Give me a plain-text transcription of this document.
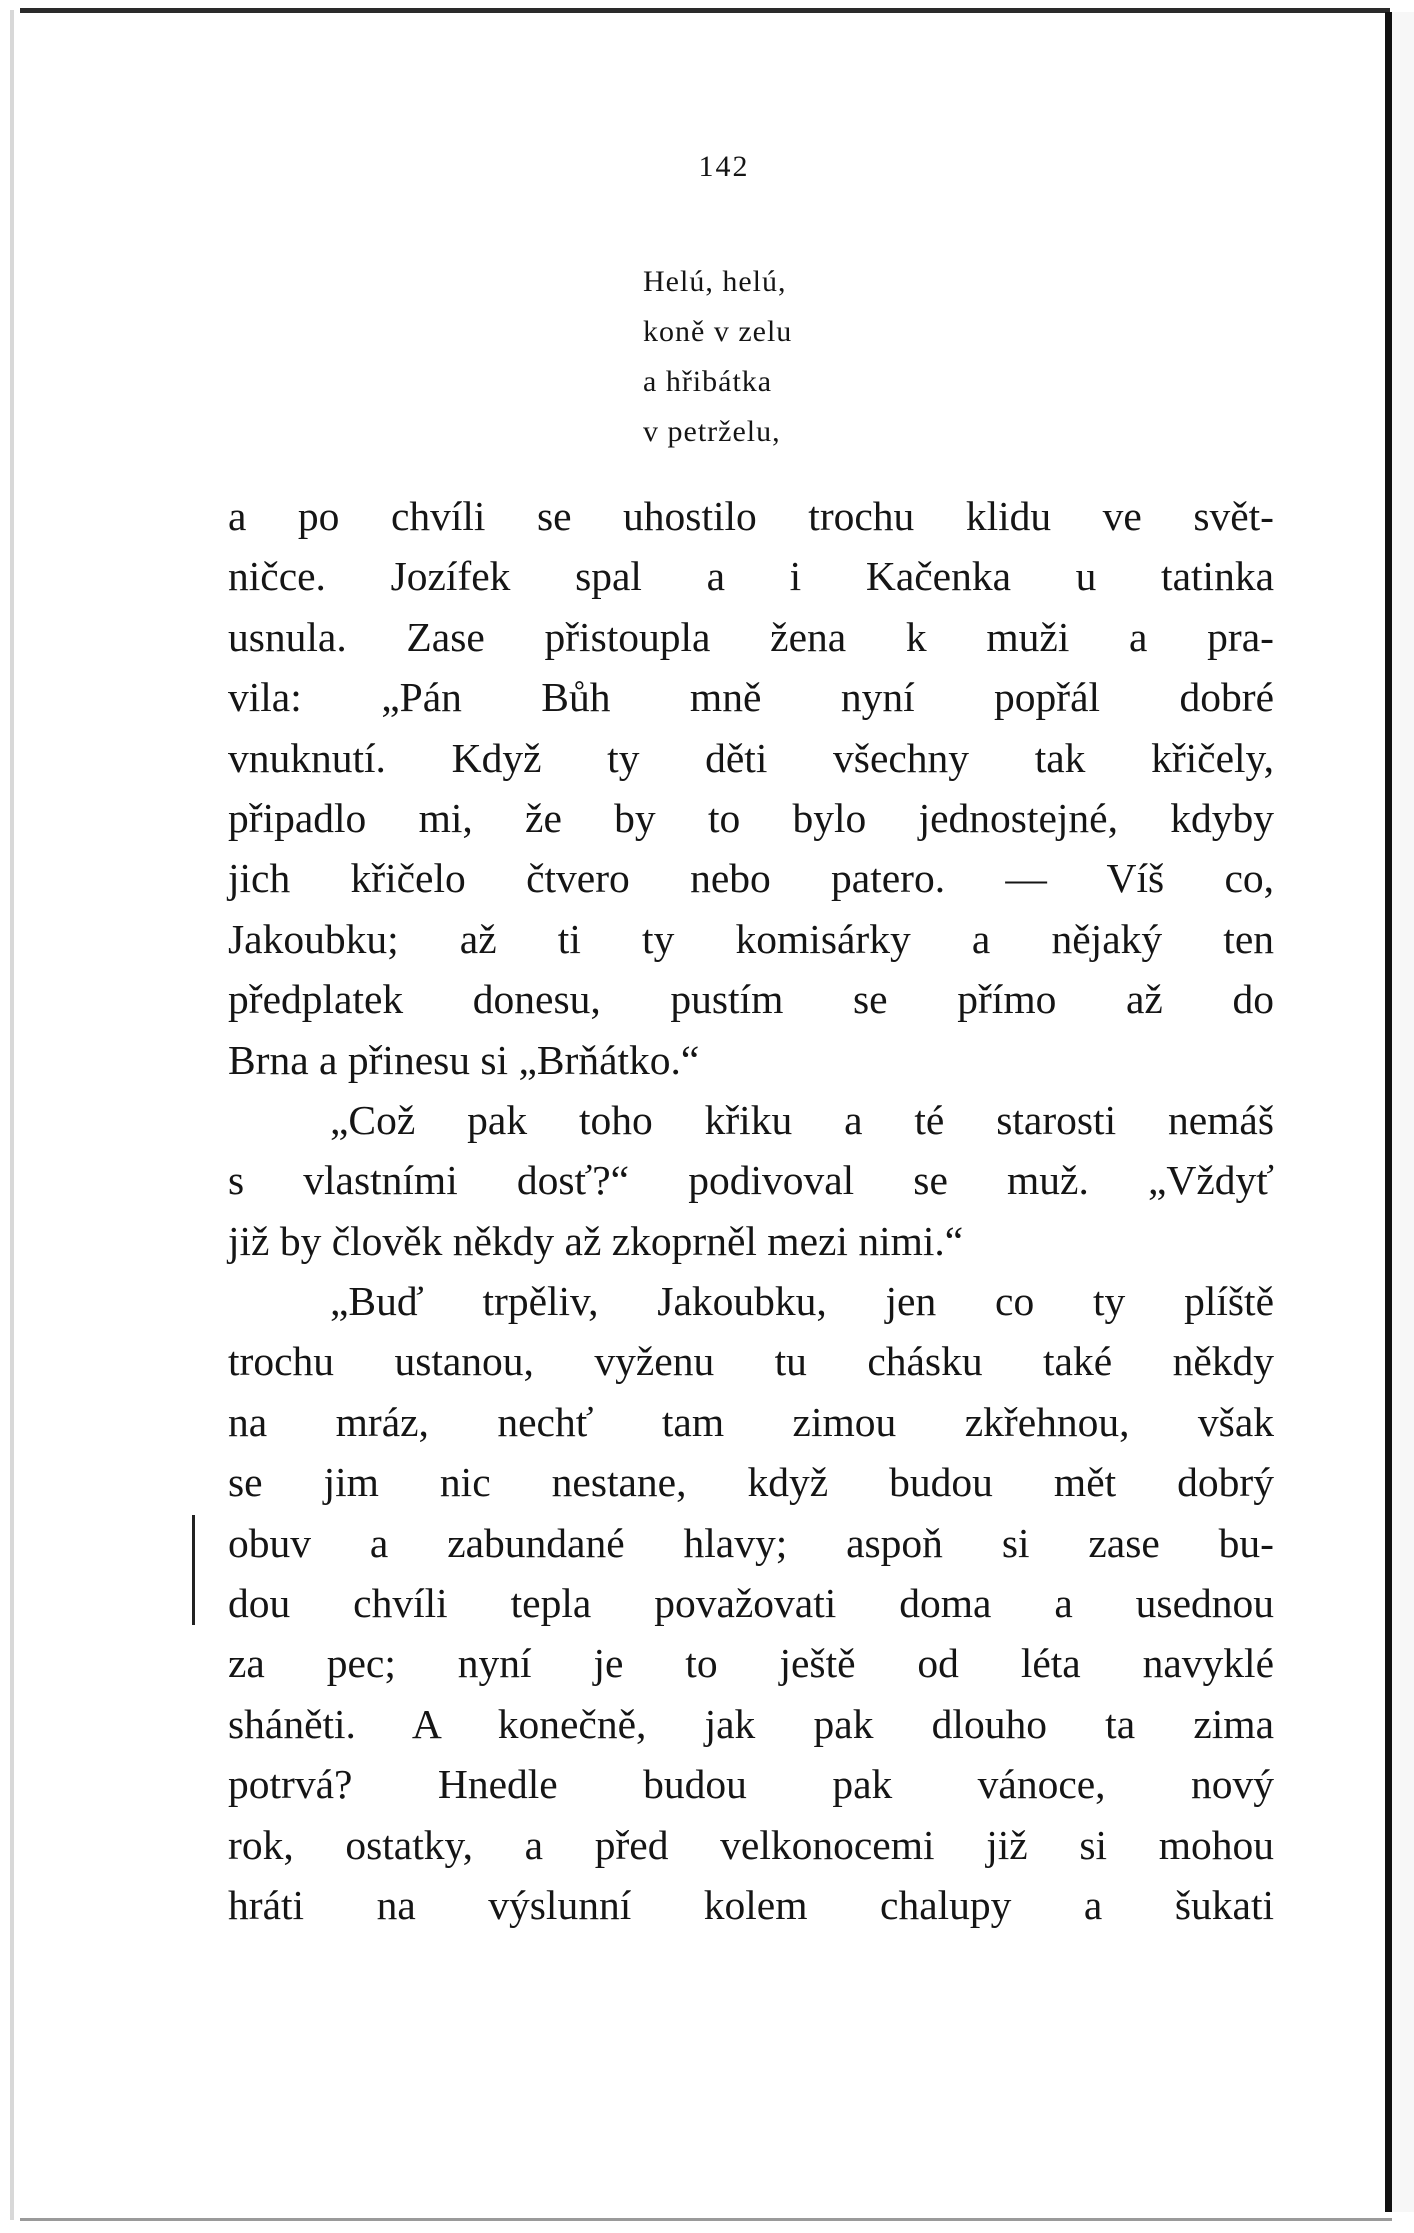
142
Helú, helú,
koně v zelu
a hřibátka
v petrželu,
a po chvíli se uhostilo trochu klidu ve svět-
ničce. Jozífek spal a i Kačenka u tatinka
usnula. Zase přistoupla žena k muži a pra-
vila: „Pán Bůh mně nyní popřál dobré
vnuknutí. Když ty děti všechny tak křičely,
připadlo mi, že by to bylo jednostejné, kdyby
jich křičelo čtvero nebo patero. — Víš co,
Jakoubku; až ti ty komisárky a nějaký ten
předplatek donesu, pustím se přímo až do
Brna a přinesu si „Brňátko.“
„Což pak toho křiku a té starosti nemáš
s vlastními dosť?“ podivoval se muž. „Vždyť
již by člověk někdy až zkoprněl mezi nimi.“
„Buď trpěliv, Jakoubku, jen co ty plíště
trochu ustanou, vyženu tu chásku také někdy
na mráz, nechť tam zimou zkřehnou, však
se jim nic nestane, když budou mět dobrý
obuv a zabundané hlavy; aspoň si zase bu-
dou chvíli tepla považovati doma a usednou
za pec; nyní je to ještě od léta navyklé
sháněti. A konečně, jak pak dlouho ta zima
potrvá? Hnedle budou pak vánoce, nový
rok, ostatky, a před velkonocemi již si mohou
hráti na výslunní kolem chalupy a šukati
